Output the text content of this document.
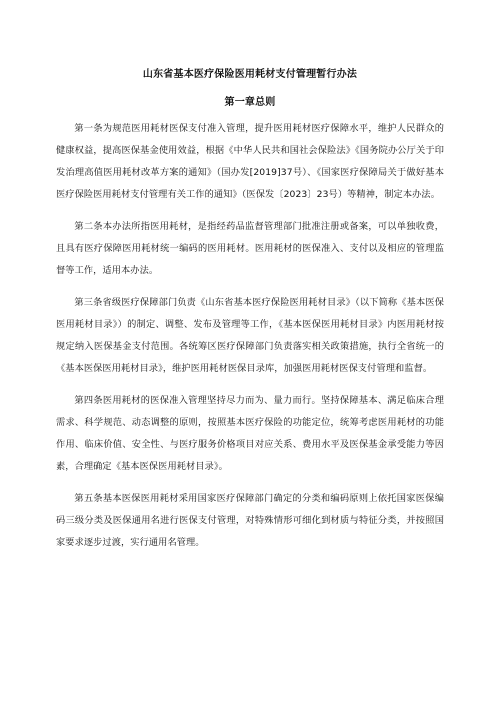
山东省基本医疗保险医用耗材支付管理暂行办法
第一章总则

第一条为规范医用耗材医保支付准入管理，提升医用耗材医疗保障水平，维护人民群众的健康权益，提高医保基金使用效益，根据《中华人民共和国社会保险法》《国务院办公厅关于印发治理高值医用耗材改革方案的通知》（国办发[2019]37号）、《国家医疗保障局关于做好基本医疗保险医用耗材支付管理有关工作的通知》（医保发〔2023〕23号）等精神，制定本办法。

第二条本办法所指医用耗材，是指经药品监督管理部门批准注册或备案，可以单独收费，且具有医疗保障医用耗材统一编码的医用耗材。医用耗材的医保准入、支付以及相应的管理监督等工作，适用本办法。

第三条省级医疗保障部门负责《山东省基本医疗保险医用耗材目录》（以下简称《基本医保医用耗材目录》）的制定、调整、发布及管理等工作，《基本医保医用耗材目录》内医用耗材按规定纳入医保基金支付范围。各统筹区医疗保障部门负责落实相关政策措施，执行全省统一的《基本医保医用耗材目录》，维护医用耗材医保目录库，加强医用耗材医保支付管理和监督。

第四条医用耗材的医保准入管理坚持尽力而为、量力而行。坚持保障基本、满足临床合理需求、科学规范、动态调整的原则，按照基本医疗保险的功能定位，统筹考虑医用耗材的功能作用、临床价值、安全性、与医疗服务价格项目对应关系、费用水平及医保基金承受能力等因素，合理确定《基本医保医用耗材目录》。

第五条基本医保医用耗材采用国家医疗保障部门确定的分类和编码原则上依托国家医保编码三级分类及医保通用名进行医保支付管理，对特殊情形可细化到材质与特征分类，并按照国家要求逐步过渡，实行通用名管理。
